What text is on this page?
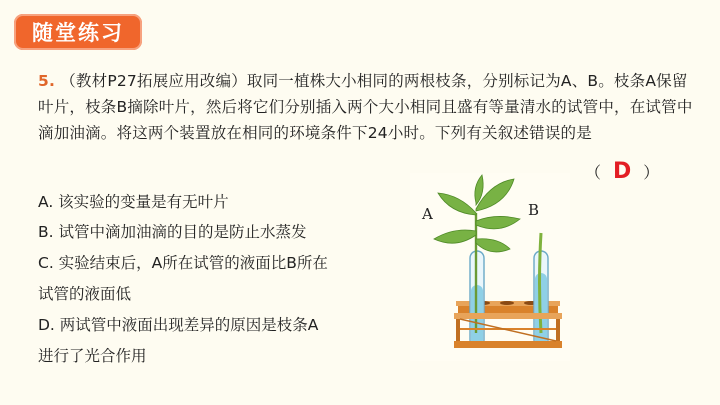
随堂练习
5. （教材P27拓展应用改编）取同一植株大小相同的两根枝条，分别标记为A、B。枝条A保留叶片，枝条B摘除叶片，然后将它们分别插入两个大小相同且盛有等量清水的试管中，在试管中滴加油滴。将这两个装置放在相同的环境条件下24小时。下列有关叙述错误的是
（ D ）
A. 该实验的变量是有无叶片
B. 试管中滴加油滴的目的是防止水蒸发
C. 实验结束后，A所在试管的液面比B所在
试管的液面低
D. 两试管中液面出现差异的原因是枝条A
进行了光合作用
A	B
